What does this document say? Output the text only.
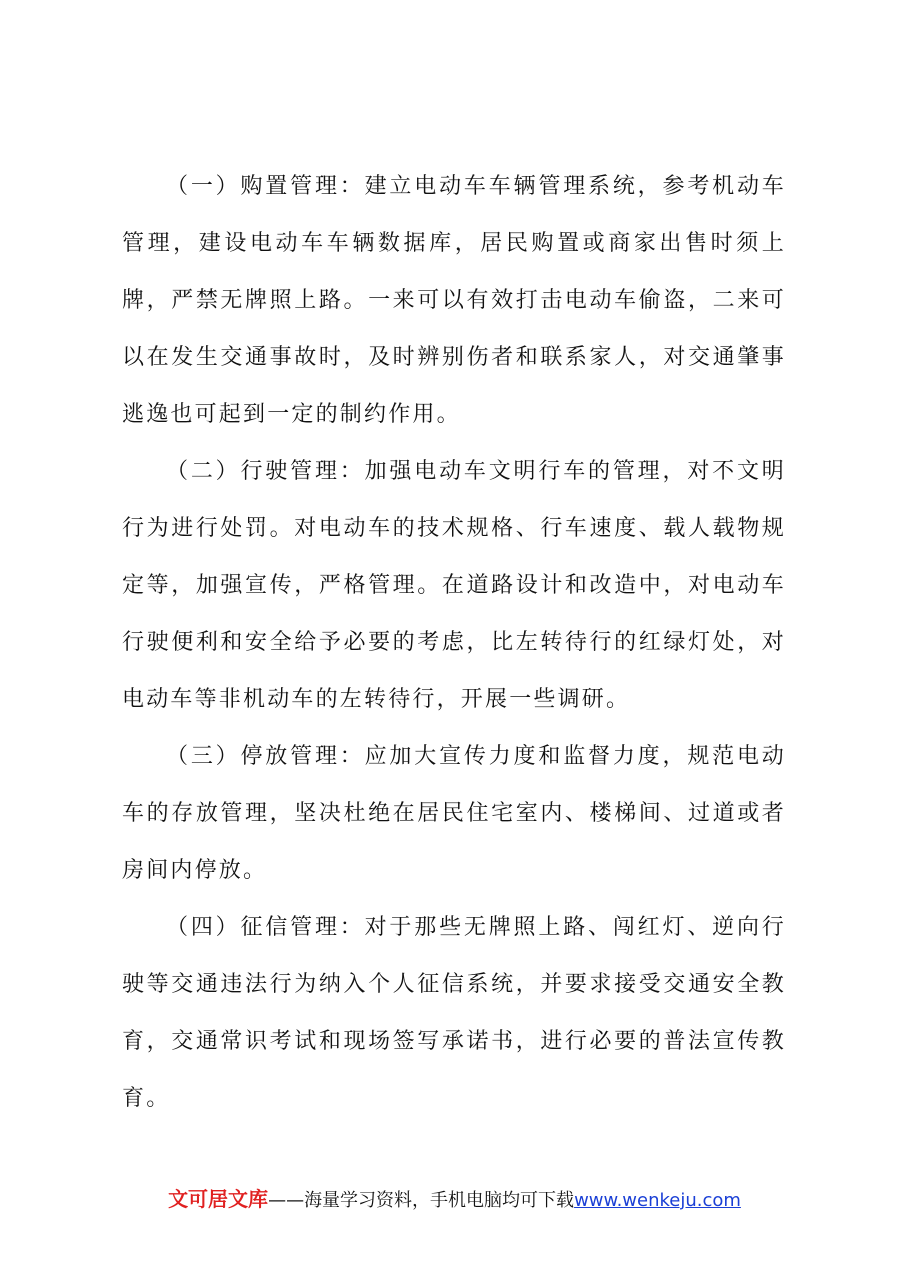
（一）购置管理：建立电动车车辆管理系统，参考机动车管理，建设电动车车辆数据库，居民购置或商家出售时须上牌，严禁无牌照上路。一来可以有效打击电动车偷盗，二来可以在发生交通事故时，及时辨别伤者和联系家人，对交通肇事逃逸也可起到一定的制约作用。

（二）行驶管理：加强电动车文明行车的管理，对不文明行为进行处罚。对电动车的技术规格、行车速度、载人载物规定等，加强宣传，严格管理。在道路设计和改造中，对电动车行驶便利和安全给予必要的考虑，比左转待行的红绿灯处，对电动车等非机动车的左转待行，开展一些调研。

（三）停放管理：应加大宣传力度和监督力度，规范电动车的存放管理，坚决杜绝在居民住宅室内、楼梯间、过道或者房间内停放。

（四）征信管理：对于那些无牌照上路、闯红灯、逆向行驶等交通违法行为纳入个人征信系统，并要求接受交通安全教育，交通常识考试和现场签写承诺书，进行必要的普法宣传教育。

文可居文库——海量学习资料，手机电脑均可下载www.wenkeju.com
